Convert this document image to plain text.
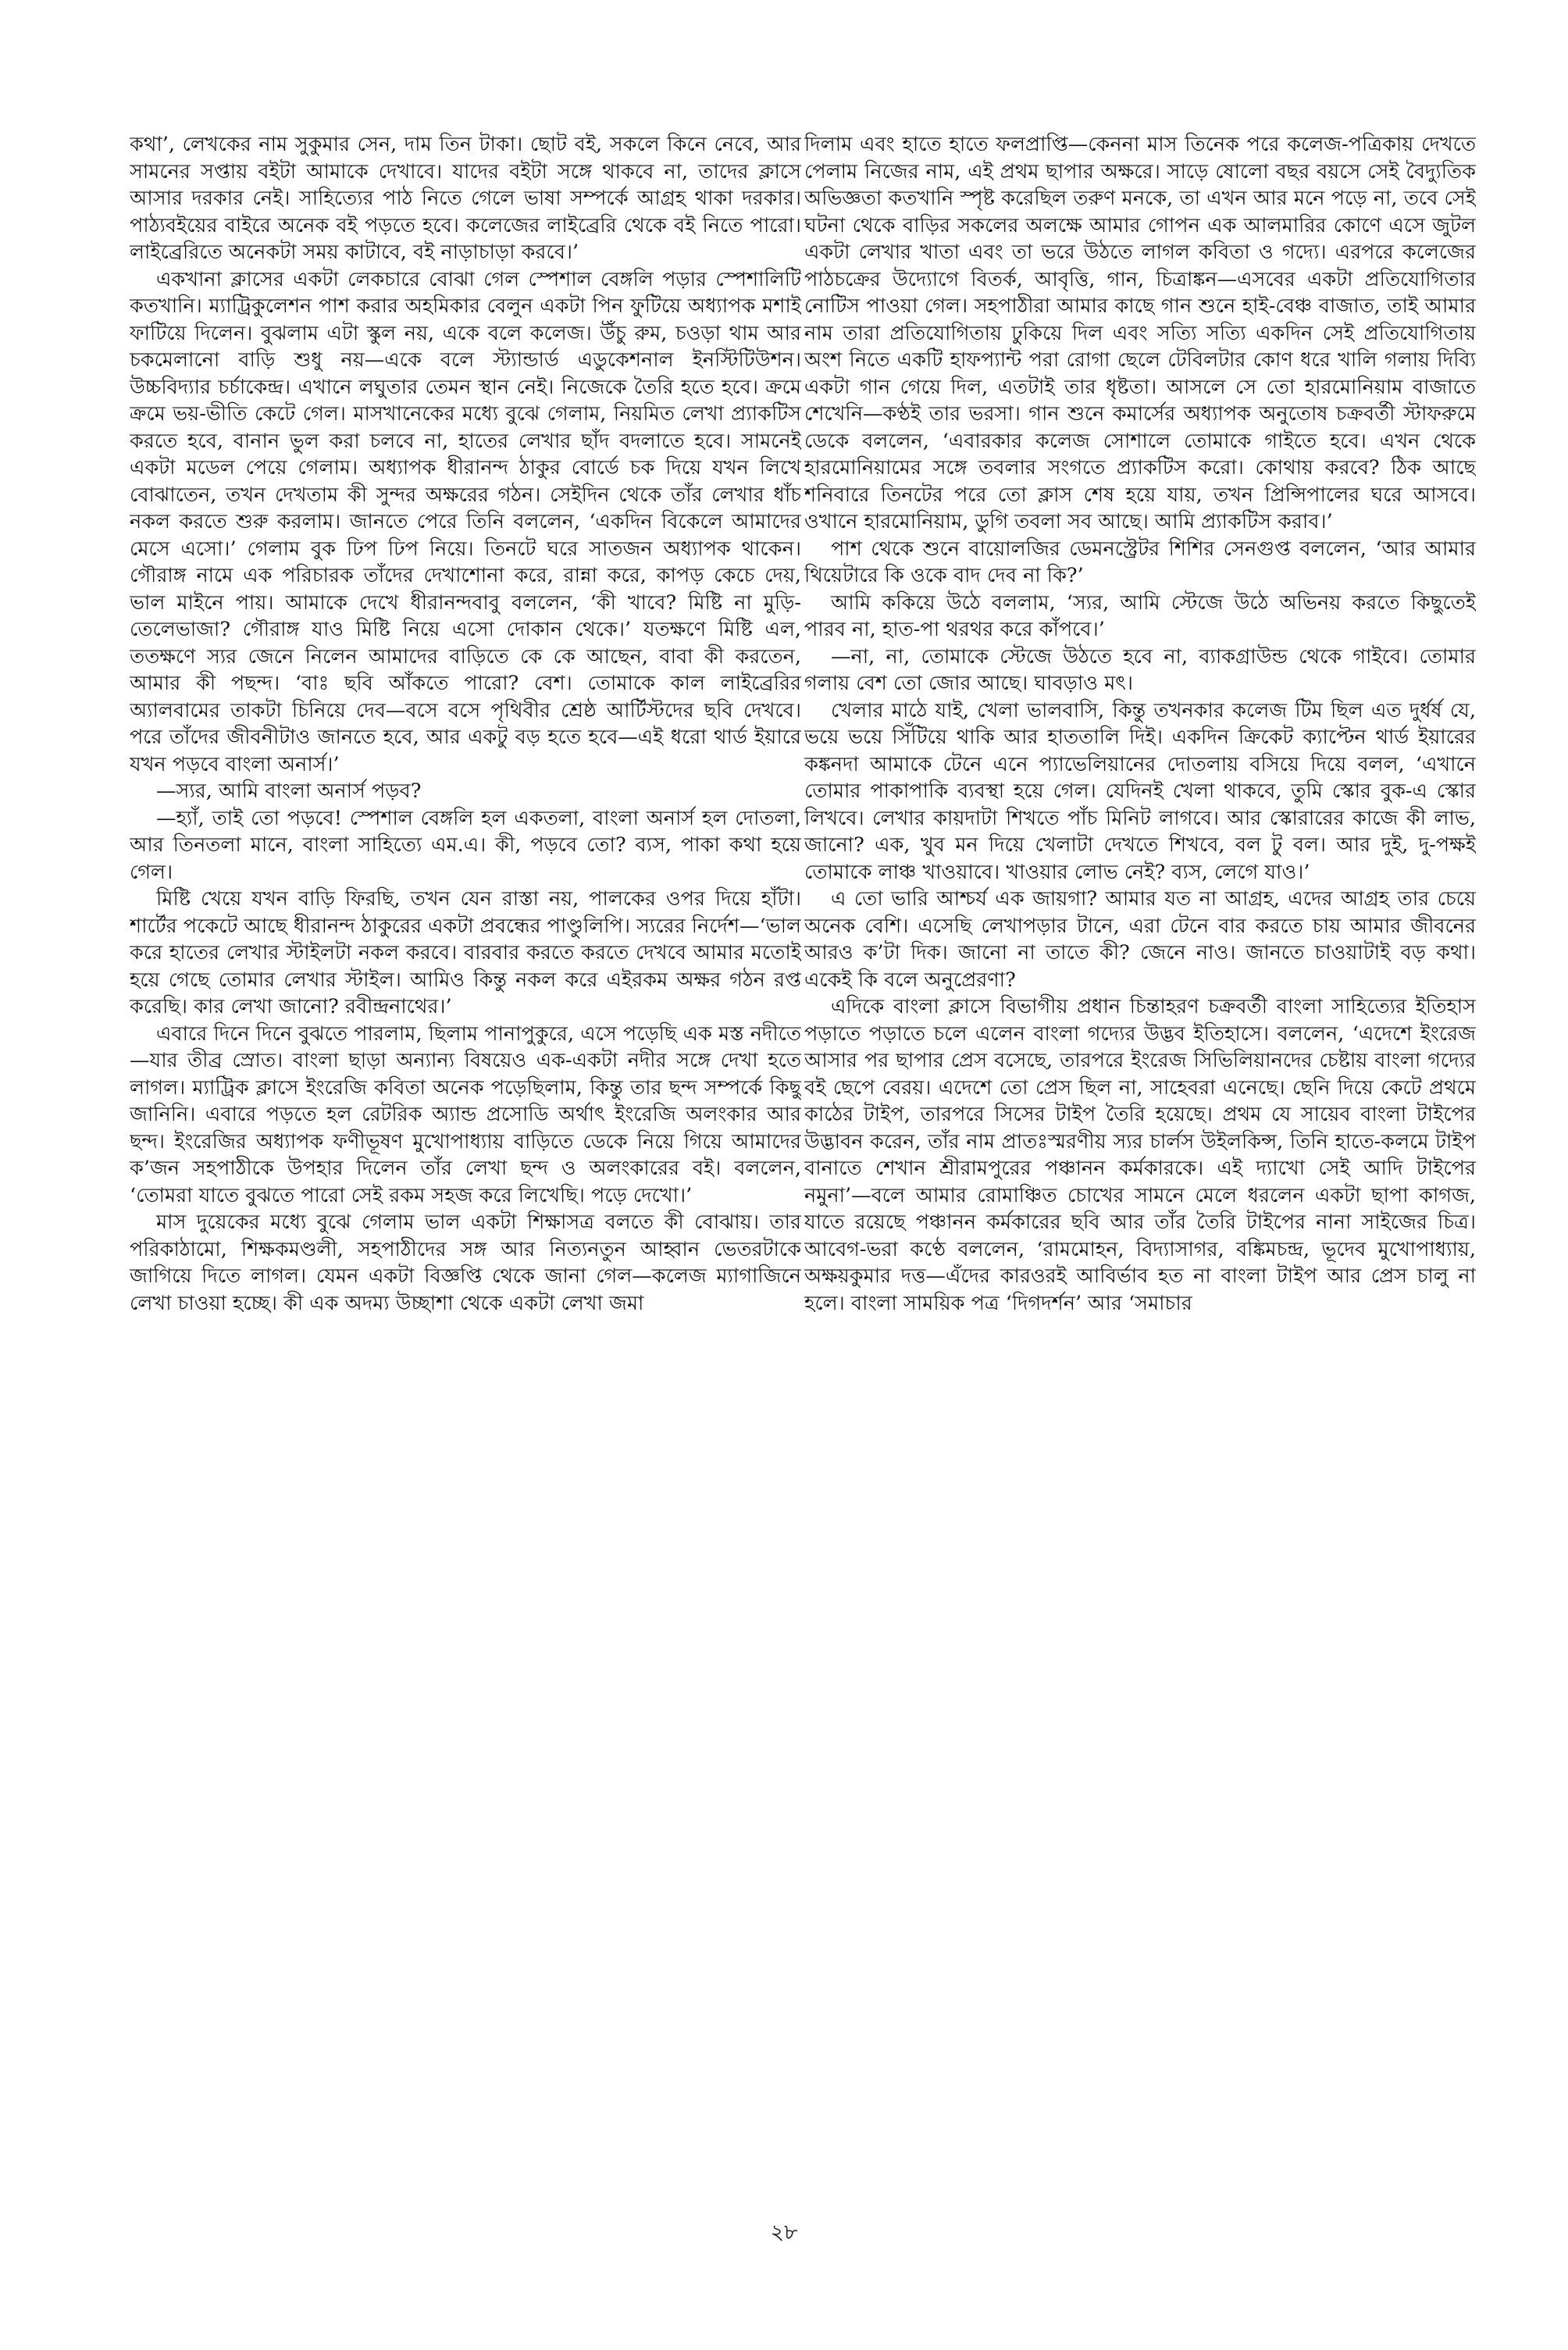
কথা’, লেখকের নাম সুকুমার সেন, দাম তিন টাকা। ছোট বই, সকলে কিনে নেবে, আর সামনের সপ্তায় বইটা আমাকে দেখাবে। যাদের বইটা সঙ্গে থাকবে না, তাদের ক্লাসে আসার দরকার নেই। সাহিত্যের পাঠ নিতে গেলে ভাষা সম্পর্কে আগ্রহ থাকা দরকার। পাঠ্যবইয়ের বাইরে অনেক বই পড়তে হবে। কলেজের লাইব্রেরি থেকে বই নিতে পারো। লাইব্রেরিতে অনেকটা সময় কাটাবে, বই নাড়াচাড়া করবে।’

একখানা ক্লাসের একটা লেকচারে বোঝা গেল স্পেশাল বেঙ্গলি পড়ার স্পেশালিটি কতখানি। ম্যাট্রিকুলেশন পাশ করার অহমিকার বেলুন একটা পিন ফুটিয়ে অধ্যাপক মশাই ফাটিয়ে দিলেন। বুঝলাম এটা স্কুল নয়, একে বলে কলেজ। উঁচু রুম, চওড়া থাম আর চকমেলানো বাড়ি শুধু নয়—একে বলে স্ট্যান্ডার্ড এডুকেশনাল ইনস্টিটিউশন। উচ্চবিদ্যার চর্চাকেন্দ্র। এখানে লঘুতার তেমন স্থান নেই। নিজেকে তৈরি হতে হবে। ক্রমে ক্রমে ভয়-ভীতি কেটে গেল। মাসখানেকের মধ্যে বুঝে গেলাম, নিয়মিত লেখা প্র্যাকটিস করতে হবে, বানান ভুল করা চলবে না, হাতের লেখার ছাঁদ বদলাতে হবে। সামনেই একটা মডেল পেয়ে গেলাম। অধ্যাপক ধীরানন্দ ঠাকুর বোর্ডে চক দিয়ে যখন লিখে বোঝাতেন, তখন দেখতাম কী সুন্দর অক্ষরের গঠন। সেইদিন থেকে তাঁর লেখার ধাঁচ নকল করতে শুরু করলাম। জানতে পেরে তিনি বললেন, ‘একদিন বিকেলে আমাদের মেসে এসো।’ গেলাম বুক ঢিপ ঢিপ নিয়ে। তিনটে ঘরে সাতজন অধ্যাপক থাকেন। গৌরাঙ্গ নামে এক পরিচারক তাঁদের দেখাশোনা করে, রান্না করে, কাপড় কেচে দেয়, ভাল মাইনে পায়। আমাকে দেখে ধীরানন্দবাবু বললেন, ‘কী খাবে? মিষ্টি না মুড়ি-তেলেভাজা? গৌরাঙ্গ যাও মিষ্টি নিয়ে এসো দোকান থেকে।’ যতক্ষণে মিষ্টি এল, ততক্ষণে স্যর জেনে নিলেন আমাদের বাড়িতে কে কে আছেন, বাবা কী করতেন, আমার কী পছন্দ। ‘বাঃ ছবি আঁকতে পারো? বেশ। তোমাকে কাল লাইব্রেরির অ্যালবামের তাকটা চিনিয়ে দেব—বসে বসে পৃথিবীর শ্রেষ্ঠ আর্টিস্টদের ছবি দেখবে। পরে তাঁদের জীবনীটাও জানতে হবে, আর একটু বড় হতে হবে—এই ধরো থার্ড ইয়ারে যখন পড়বে বাংলা অনার্স।’

—স্যর, আমি বাংলা অনার্স পড়ব?

—হ্যাঁ, তাই তো পড়বে! স্পেশাল বেঙ্গলি হল একতলা, বাংলা অনার্স হল দোতলা, আর তিনতলা মানে, বাংলা সাহিত্যে এম.এ। কী, পড়বে তো? ব্যস, পাকা কথা হয়ে গেল।

মিষ্টি খেয়ে যখন বাড়ি ফিরছি, তখন যেন রাস্তা নয়, পালকের ওপর দিয়ে হাঁটা। শার্টের পকেটে আছে ধীরানন্দ ঠাকুরের একটা প্রবন্ধের পাণ্ডুলিপি। স্যরের নির্দেশ—‘ভাল করে হাতের লেখার স্টাইলটা নকল করবে। বারবার করতে করতে দেখবে আমার মতোই হয়ে গেছে তোমার লেখার স্টাইল। আমিও কিন্তু নকল করে এইরকম অক্ষর গঠন রপ্ত করেছি। কার লেখা জানো? রবীন্দ্রনাথের।’

এবারে দিনে দিনে বুঝতে পারলাম, ছিলাম পানাপুকুরে, এসে পড়েছি এক মস্ত নদীতে—যার তীব্র স্রোত। বাংলা ছাড়া অন্যান্য বিষয়েও এক-একটা নদীর সঙ্গে দেখা হতে লাগল। ম্যাট্রিক ক্লাসে ইংরেজি কবিতা অনেক পড়েছিলাম, কিন্তু তার ছন্দ সম্পর্কে কিছু জানিনি। এবারে পড়তে হল রেটরিক অ্যান্ড প্রসোডি অর্থাৎ ইংরেজি অলংকার আর ছন্দ। ইংরেজির অধ্যাপক ফণীভূষণ মুখোপাধ্যায় বাড়িতে ডেকে নিয়ে গিয়ে আমাদের ক’জন সহপাঠীকে উপহার দিলেন তাঁর লেখা ছন্দ ও অলংকারের বই। বললেন, ‘তোমরা যাতে বুঝতে পারো সেই রকম সহজ করে লিখেছি। পড়ে দেখো।’

মাস দুয়েকের মধ্যে বুঝে গেলাম ভাল একটা শিক্ষাসত্র বলতে কী বোঝায়। তার পরিকাঠামো, শিক্ষকমণ্ডলী, সহপাঠীদের সঙ্গ আর নিত্যনতুন আহ্বান ভেতরটাকে জাগিয়ে দিতে লাগল। যেমন একটা বিজ্ঞপ্তি থেকে জানা গেল—কলেজ ম্যাগাজিনে লেখা চাওয়া হচ্ছে। কী এক অদম্য উচ্ছাশা থেকে একটা লেখা জমা

দিলাম এবং হাতে হাতে ফলপ্রাপ্তি—কেননা মাস তিনেক পরে কলেজ-পত্রিকায় দেখতে পেলাম নিজের নাম, এই প্রথম ছাপার অক্ষরে। সাড়ে ষোলো বছর বয়সে সেই বৈদ্যুতিক অভিজ্ঞতা কতখানি স্পৃষ্ট করেছিল তরুণ মনকে, তা এখন আর মনে পড়ে না, তবে সেই ঘটনা থেকে বাড়ির সকলের অলক্ষে আমার গোপন এক আলমারির কোণে এসে জুটল একটা লেখার খাতা এবং তা ভরে উঠতে লাগল কবিতা ও গদ্যে। এরপরে কলেজের পাঠচক্রের উদ্যোগে বিতর্ক, আবৃত্তি, গান, চিত্রাঙ্কন—এসবের একটা প্রতিযোগিতার নোটিস পাওয়া গেল। সহপাঠীরা আমার কাছে গান শুনে হাই-বেঞ্চ বাজাত, তাই আমার নাম তারা প্রতিযোগিতায় ঢুকিয়ে দিল এবং সত্যি সত্যি একদিন সেই প্রতিযোগিতায় অংশ নিতে একটি হাফপ্যান্ট পরা রোগা ছেলে টেবিলটার কোণ ধরে খালি গলায় দিব্যি একটা গান গেয়ে দিল, এতটাই তার ধৃষ্টতা। আসলে সে তো হারমোনিয়াম বাজাতে শেখেনি—কণ্ঠই তার ভরসা। গান শুনে কমার্সের অধ্যাপক অনুতোষ চক্রবর্তী স্টাফরুমে ডেকে বললেন, ‘এবারকার কলেজ সোশালে তোমাকে গাইতে হবে। এখন থেকে হারমোনিয়ামের সঙ্গে তবলার সংগতে প্র্যাকটিস করো। কোথায় করবে? ঠিক আছে শনিবারে তিনটের পরে তো ক্লাস শেষ হয়ে যায়, তখন প্রিন্সিপালের ঘরে আসবে। ওখানে হারমোনিয়াম, ডুগি তবলা সব আছে। আমি প্র্যাকটিস করাব।’

পাশ থেকে শুনে বায়োলজির ডেমনস্ট্রেটর শিশির সেনগুপ্ত বললেন, ‘আর আমার থিয়েটারে কি ওকে বাদ দেব না কি?’

আমি ককিয়ে উঠে বললাম, ‘স্যর, আমি স্টেজে উঠে অভিনয় করতে কিছুতেই পারব না, হাত-পা থরথর করে কাঁপবে।’

—না, না, তোমাকে স্টেজে উঠতে হবে না, ব্যাকগ্রাউন্ড থেকে গাইবে। তোমার গলায় বেশ তো জোর আছে। ঘাবড়াও মৎ।

খেলার মাঠে যাই, খেলা ভালবাসি, কিন্তু তখনকার কলেজ টিম ছিল এত দুর্ধর্ষ যে, ভয়ে ভয়ে সিঁটিয়ে থাকি আর হাততালি দিই। একদিন ক্রিকেট ক্যাপ্টেন থার্ড ইয়ারের কঙ্কনদা আমাকে টেনে এনে প্যাভেলিয়ানের দোতলায় বসিয়ে দিয়ে বলল, ‘এখানে তোমার পাকাপাকি ব্যবস্থা হয়ে গেল। যেদিনই খেলা থাকবে, তুমি স্কোর বুক-এ স্কোর লিখবে। লেখার কায়দাটা শিখতে পাঁচ মিনিট লাগবে। আর স্কোরারের কাজে কী লাভ, জানো? এক, খুব মন দিয়ে খেলাটা দেখতে শিখবে, বল টু বল। আর দুই, দু-পক্ষই তোমাকে লাঞ্চ খাওয়াবে। খাওয়ার লোভ নেই? ব্যস, লেগে যাও।’

এ তো ভারি আশ্চর্য এক জায়গা? আমার যত না আগ্রহ, এদের আগ্রহ তার চেয়ে অনেক বেশি। এসেছি লেখাপড়ার টানে, এরা টেনে বার করতে চায় আমার জীবনের আরও ক’টা দিক। জানো না তাতে কী? জেনে নাও। জানতে চাওয়াটাই বড় কথা। একেই কি বলে অনুপ্রেরণা?

এদিকে বাংলা ক্লাসে বিভাগীয় প্রধান চিন্তাহরণ চক্রবর্তী বাংলা সাহিত্যের ইতিহাস পড়াতে পড়াতে চলে এলেন বাংলা গদ্যের উদ্ভব ইতিহাসে। বললেন, ‘এদেশে ইংরেজ আসার পর ছাপার প্রেস বসেছে, তারপরে ইংরেজ সিভিলিয়ানদের চেষ্টায় বাংলা গদ্যের বই ছেপে বেরয়। এদেশে তো প্রেস ছিল না, সাহেবরা এনেছে। ছেনি দিয়ে কেটে প্রথমে কাঠের টাইপ, তারপরে সিসের টাইপ তৈরি হয়েছে। প্রথম যে সায়েব বাংলা টাইপের উদ্ভাবন করেন, তাঁর নাম প্রাতঃস্মরণীয় স্যর চার্লস উইলকিন্স, তিনি হাতে-কলমে টাইপ বানাতে শেখান শ্রীরামপুরের পঞ্চানন কর্মকারকে। এই দ্যাখো সেই আদি টাইপের নমুনা’—বলে আমার রোমাঞ্চিত চোখের সামনে মেলে ধরলেন একটা ছাপা কাগজ, যাতে রয়েছে পঞ্চানন কর্মকারের ছবি আর তাঁর তৈরি টাইপের নানা সাইজের চিত্র। আবেগ-ভরা কণ্ঠে বললেন, ‘রামমোহন, বিদ্যাসাগর, বঙ্কিমচন্দ্র, ভূদেব মুখোপাধ্যায়, অক্ষয়কুমার দত্ত—এঁদের কারওরই আবির্ভাব হত না বাংলা টাইপ আর প্রেস চালু না হলে। বাংলা সাময়িক পত্র ‘দিগদর্শন’ আর ‘সমাচার

২৮
